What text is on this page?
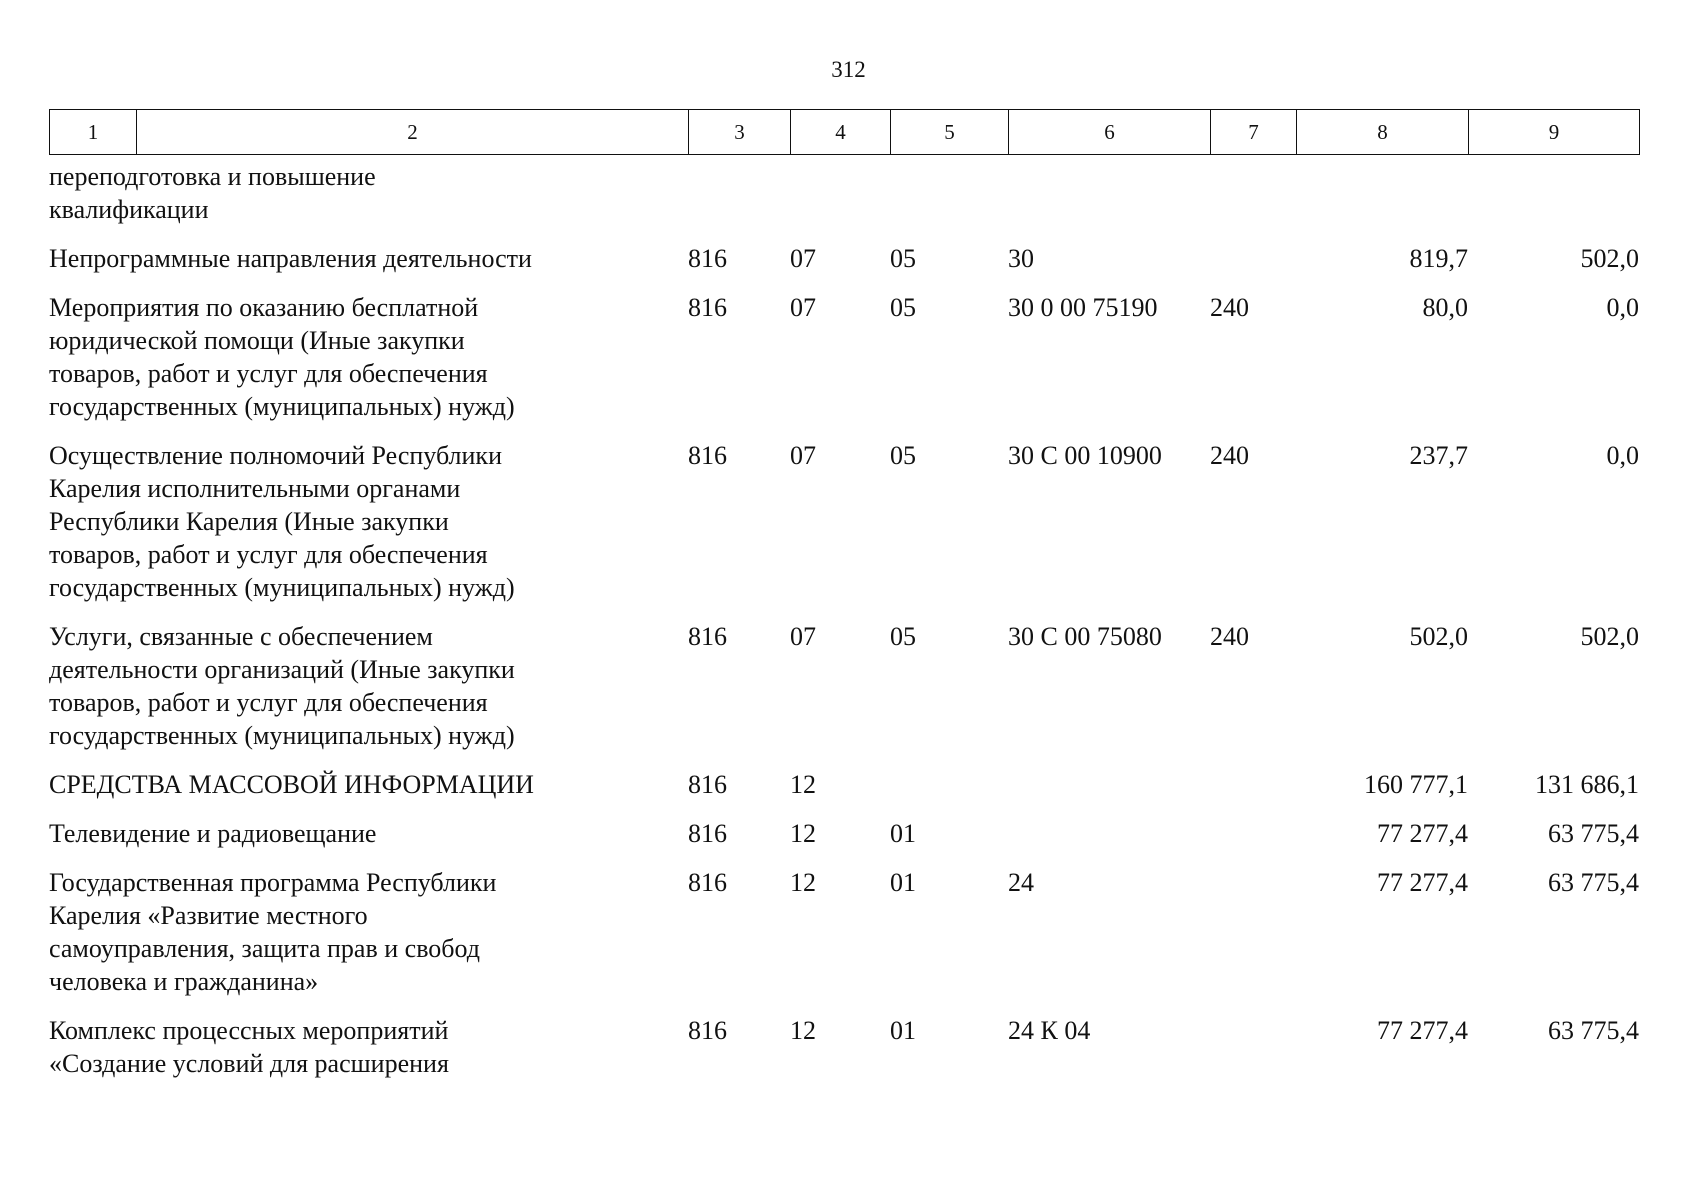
312
1	2	3	4	5	6	7	8	9
переподготовка и повышение
квалификации							
Непрограммные направления деятельности	816	07	05	30		819,7	502,0
Мероприятия по оказанию бесплатной
юридической помощи (Иные закупки
товаров, работ и услуг для обеспечения
государственных (муниципальных) нужд)	816	07	05	30 0 00 75190	240	80,0	0,0
Осуществление полномочий Республики
Карелия исполнительными органами
Республики Карелия (Иные закупки
товаров, работ и услуг для обеспечения
государственных (муниципальных) нужд)	816	07	05	30 С 00 10900	240	237,7	0,0
Услуги, связанные с обеспечением
деятельности организаций (Иные закупки
товаров, работ и услуг для обеспечения
государственных (муниципальных) нужд)	816	07	05	30 С 00 75080	240	502,0	502,0
СРЕДСТВА МАССОВОЙ ИНФОРМАЦИИ	816	12				160 777,1	131 686,1
Телевидение и радиовещание	816	12	01			77 277,4	63 775,4
Государственная программа Республики
Карелия «Развитие местного
самоуправления, защита прав и свобод
человека и гражданина»	816	12	01	24		77 277,4	63 775,4
Комплекс процессных мероприятий
«Создание условий для расширения	816	12	01	24 К 04		77 277,4	63 775,4
